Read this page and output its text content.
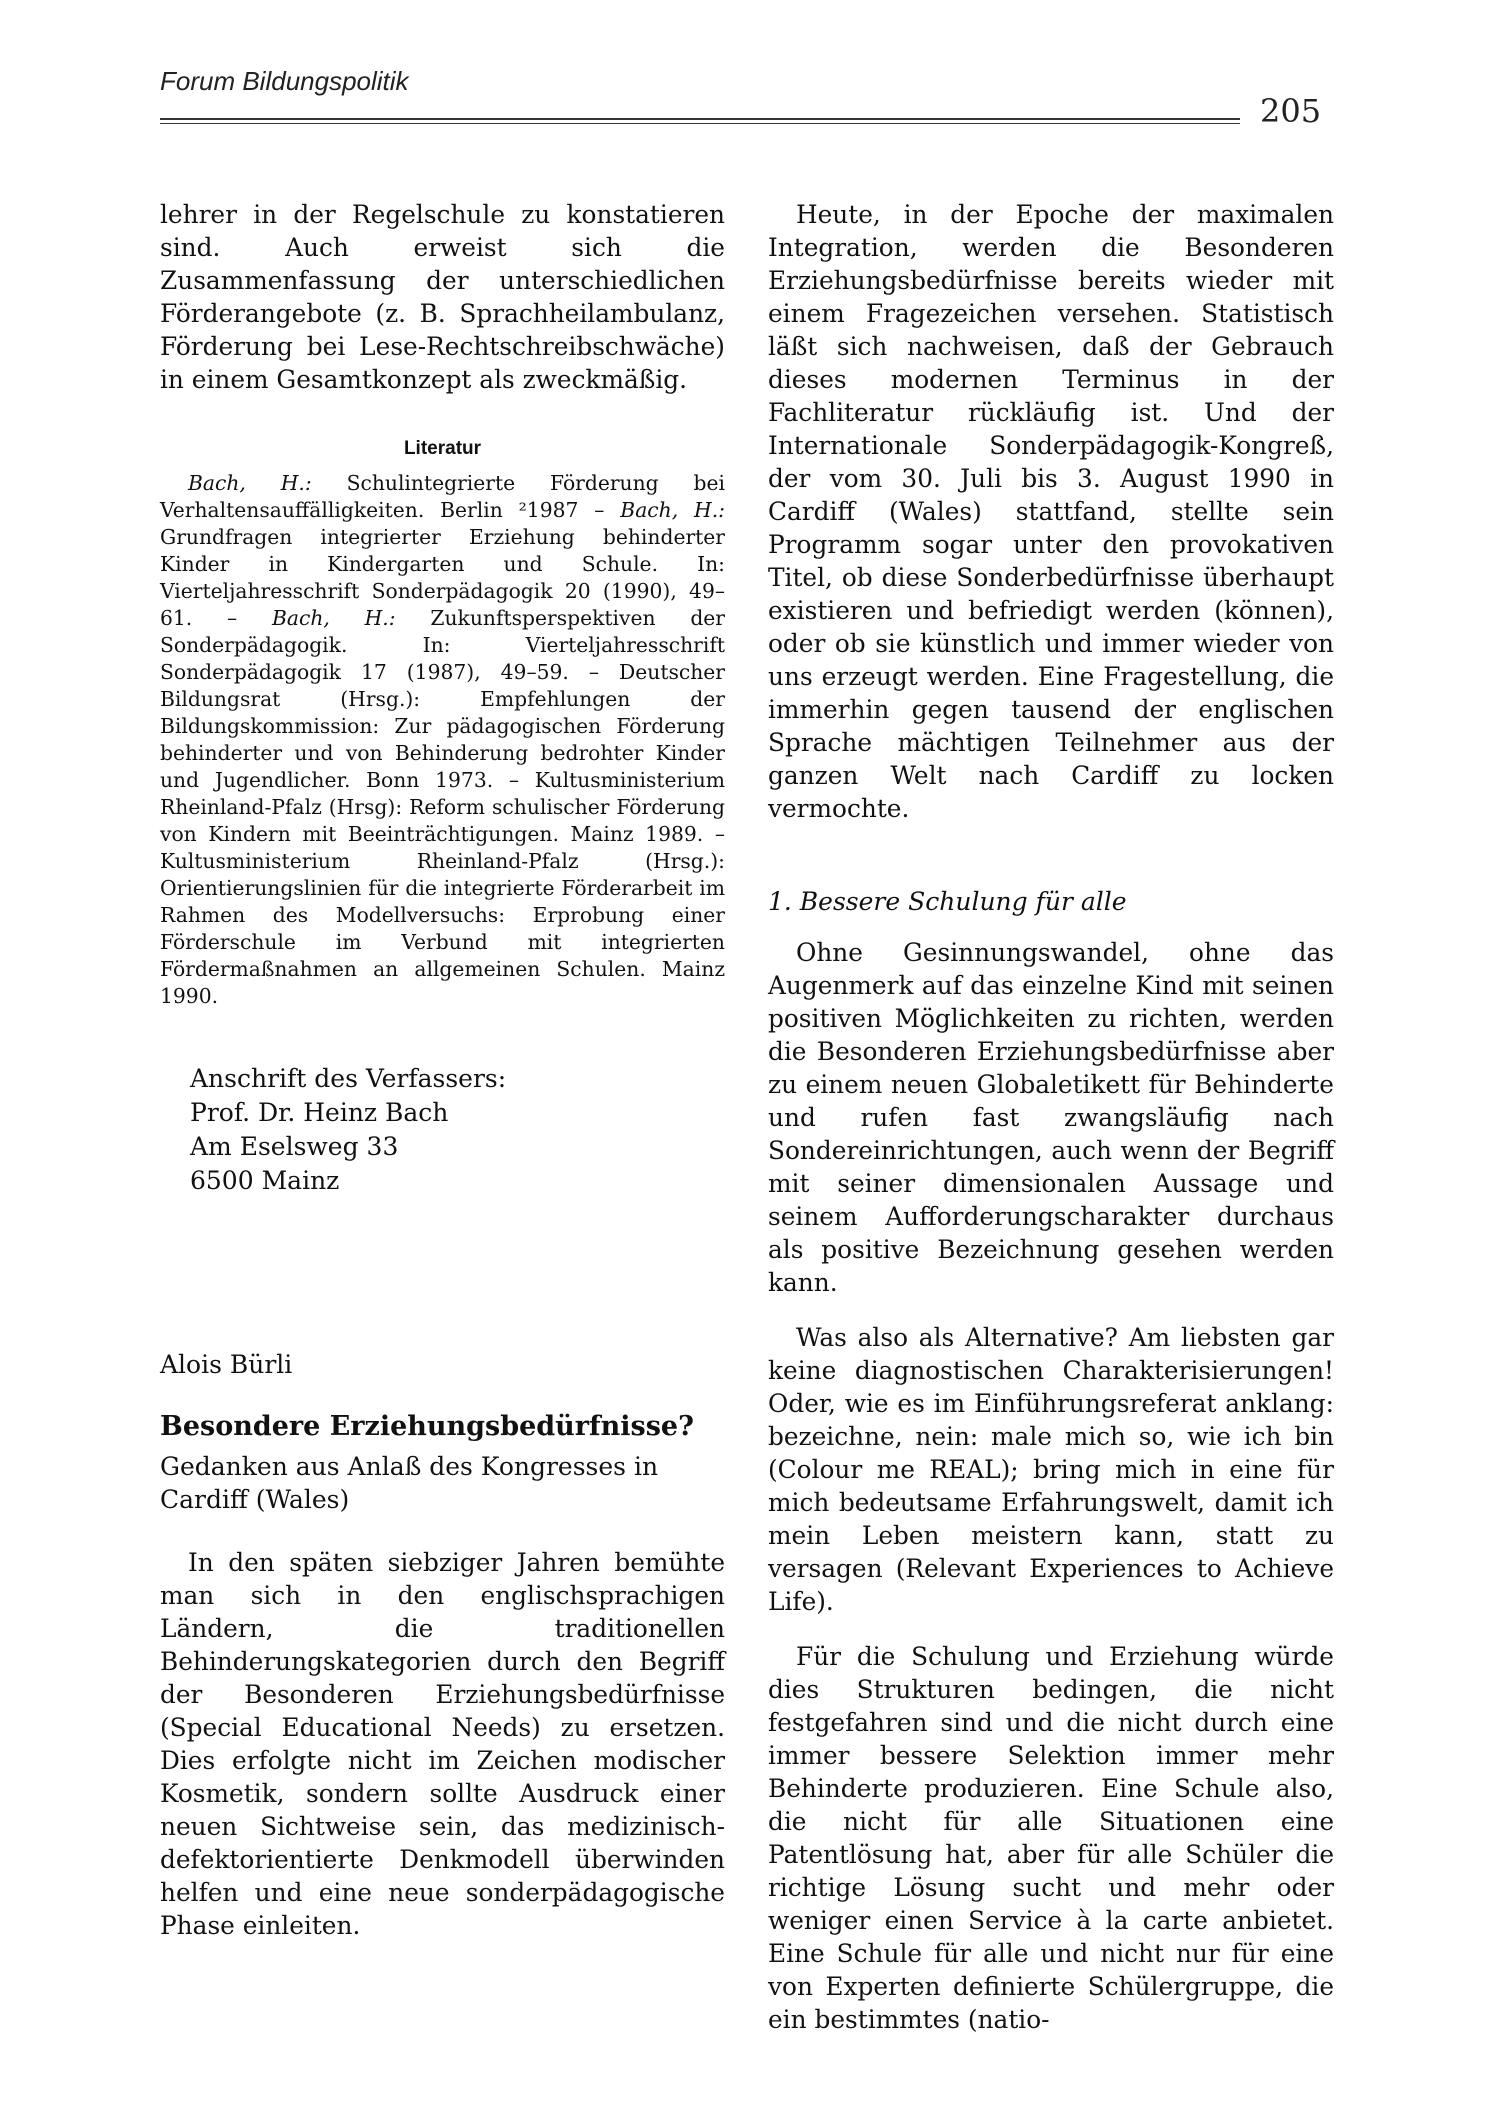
Forum Bildungspolitik
205

lehrer in der Regelschule zu konstatieren sind. Auch erweist sich die Zusammenfassung der unterschiedlichen Förderangebote (z. B. Sprachheilambulanz, Förderung bei Lese-Rechtschreibschwäche) in einem Gesamtkonzept als zweckmäßig.

Literatur

Bach, H.: Schulintegrierte Förderung bei Verhaltensauffälligkeiten. Berlin ²1987 – Bach, H.: Grundfragen integrierter Erziehung behinderter Kinder in Kindergarten und Schule. In: Vierteljahresschrift Sonderpädagogik 20 (1990), 49–61. – Bach, H.: Zukunftsperspektiven der Sonderpädagogik. In: Vierteljahresschrift Sonderpädagogik 17 (1987), 49–59. – Deutscher Bildungsrat (Hrsg.): Empfehlungen der Bildungskommission: Zur pädagogischen Förderung behinderter und von Behinderung bedrohter Kinder und Jugendlicher. Bonn 1973. – Kultusministerium Rheinland-Pfalz (Hrsg): Reform schulischer Förderung von Kindern mit Beeinträchtigungen. Mainz 1989. – Kultusministerium Rheinland-Pfalz (Hrsg.): Orientierungslinien für die integrierte Förderarbeit im Rahmen des Modellversuchs: Erprobung einer Förderschule im Verbund mit integrierten Fördermaßnahmen an allgemeinen Schulen. Mainz 1990.

Anschrift des Verfassers:
Prof. Dr. Heinz Bach
Am Eselsweg 33
6500 Mainz
Alois Bürli
Besondere Erziehungsbedürfnisse?

Gedanken aus Anlaß des Kongresses in Cardiff (Wales)

In den späten siebziger Jahren bemühte man sich in den englischsprachigen Ländern, die traditionellen Behinderungskategorien durch den Begriff der Besonderen Erziehungsbedürfnisse (Special Educational Needs) zu ersetzen. Dies erfolgte nicht im Zeichen modischer Kosmetik, sondern sollte Ausdruck einer neuen Sichtweise sein, das medizinisch-defektorientierte Denkmodell überwinden helfen und eine neue sonderpädagogische Phase einleiten.

Heute, in der Epoche der maximalen Integration, werden die Besonderen Erziehungsbedürfnisse bereits wieder mit einem Fragezeichen versehen. Statistisch läßt sich nachweisen, daß der Gebrauch dieses modernen Terminus in der Fachliteratur rückläufig ist. Und der Internationale Sonderpädagogik-Kongreß, der vom 30. Juli bis 3. August 1990 in Cardiff (Wales) stattfand, stellte sein Programm sogar unter den provokativen Titel, ob diese Sonderbedürfnisse überhaupt existieren und befriedigt werden (können), oder ob sie künstlich und immer wieder von uns erzeugt werden. Eine Fragestellung, die immerhin gegen tausend der englischen Sprache mächtigen Teilnehmer aus der ganzen Welt nach Cardiff zu locken vermochte.

1. Bessere Schulung für alle

Ohne Gesinnungswandel, ohne das Augenmerk auf das einzelne Kind mit seinen positiven Möglichkeiten zu richten, werden die Besonderen Erziehungsbedürfnisse aber zu einem neuen Globaletikett für Behinderte und rufen fast zwangsläufig nach Sondereinrichtungen, auch wenn der Begriff mit seiner dimensionalen Aussage und seinem Aufforderungscharakter durchaus als positive Bezeichnung gesehen werden kann.

Was also als Alternative? Am liebsten gar keine diagnostischen Charakterisierungen! Oder, wie es im Einführungsreferat anklang: bezeichne, nein: male mich so, wie ich bin (Colour me REAL); bring mich in eine für mich bedeutsame Erfahrungswelt, damit ich mein Leben meistern kann, statt zu versagen (Relevant Experiences to Achieve Life).

Für die Schulung und Erziehung würde dies Strukturen bedingen, die nicht festgefahren sind und die nicht durch eine immer bessere Selektion immer mehr Behinderte produzieren. Eine Schule also, die nicht für alle Situationen eine Patentlösung hat, aber für alle Schüler die richtige Lösung sucht und mehr oder weniger einen Service à la carte anbietet. Eine Schule für alle und nicht nur für eine von Experten definierte Schülergruppe, die ein bestimmtes (natio-
